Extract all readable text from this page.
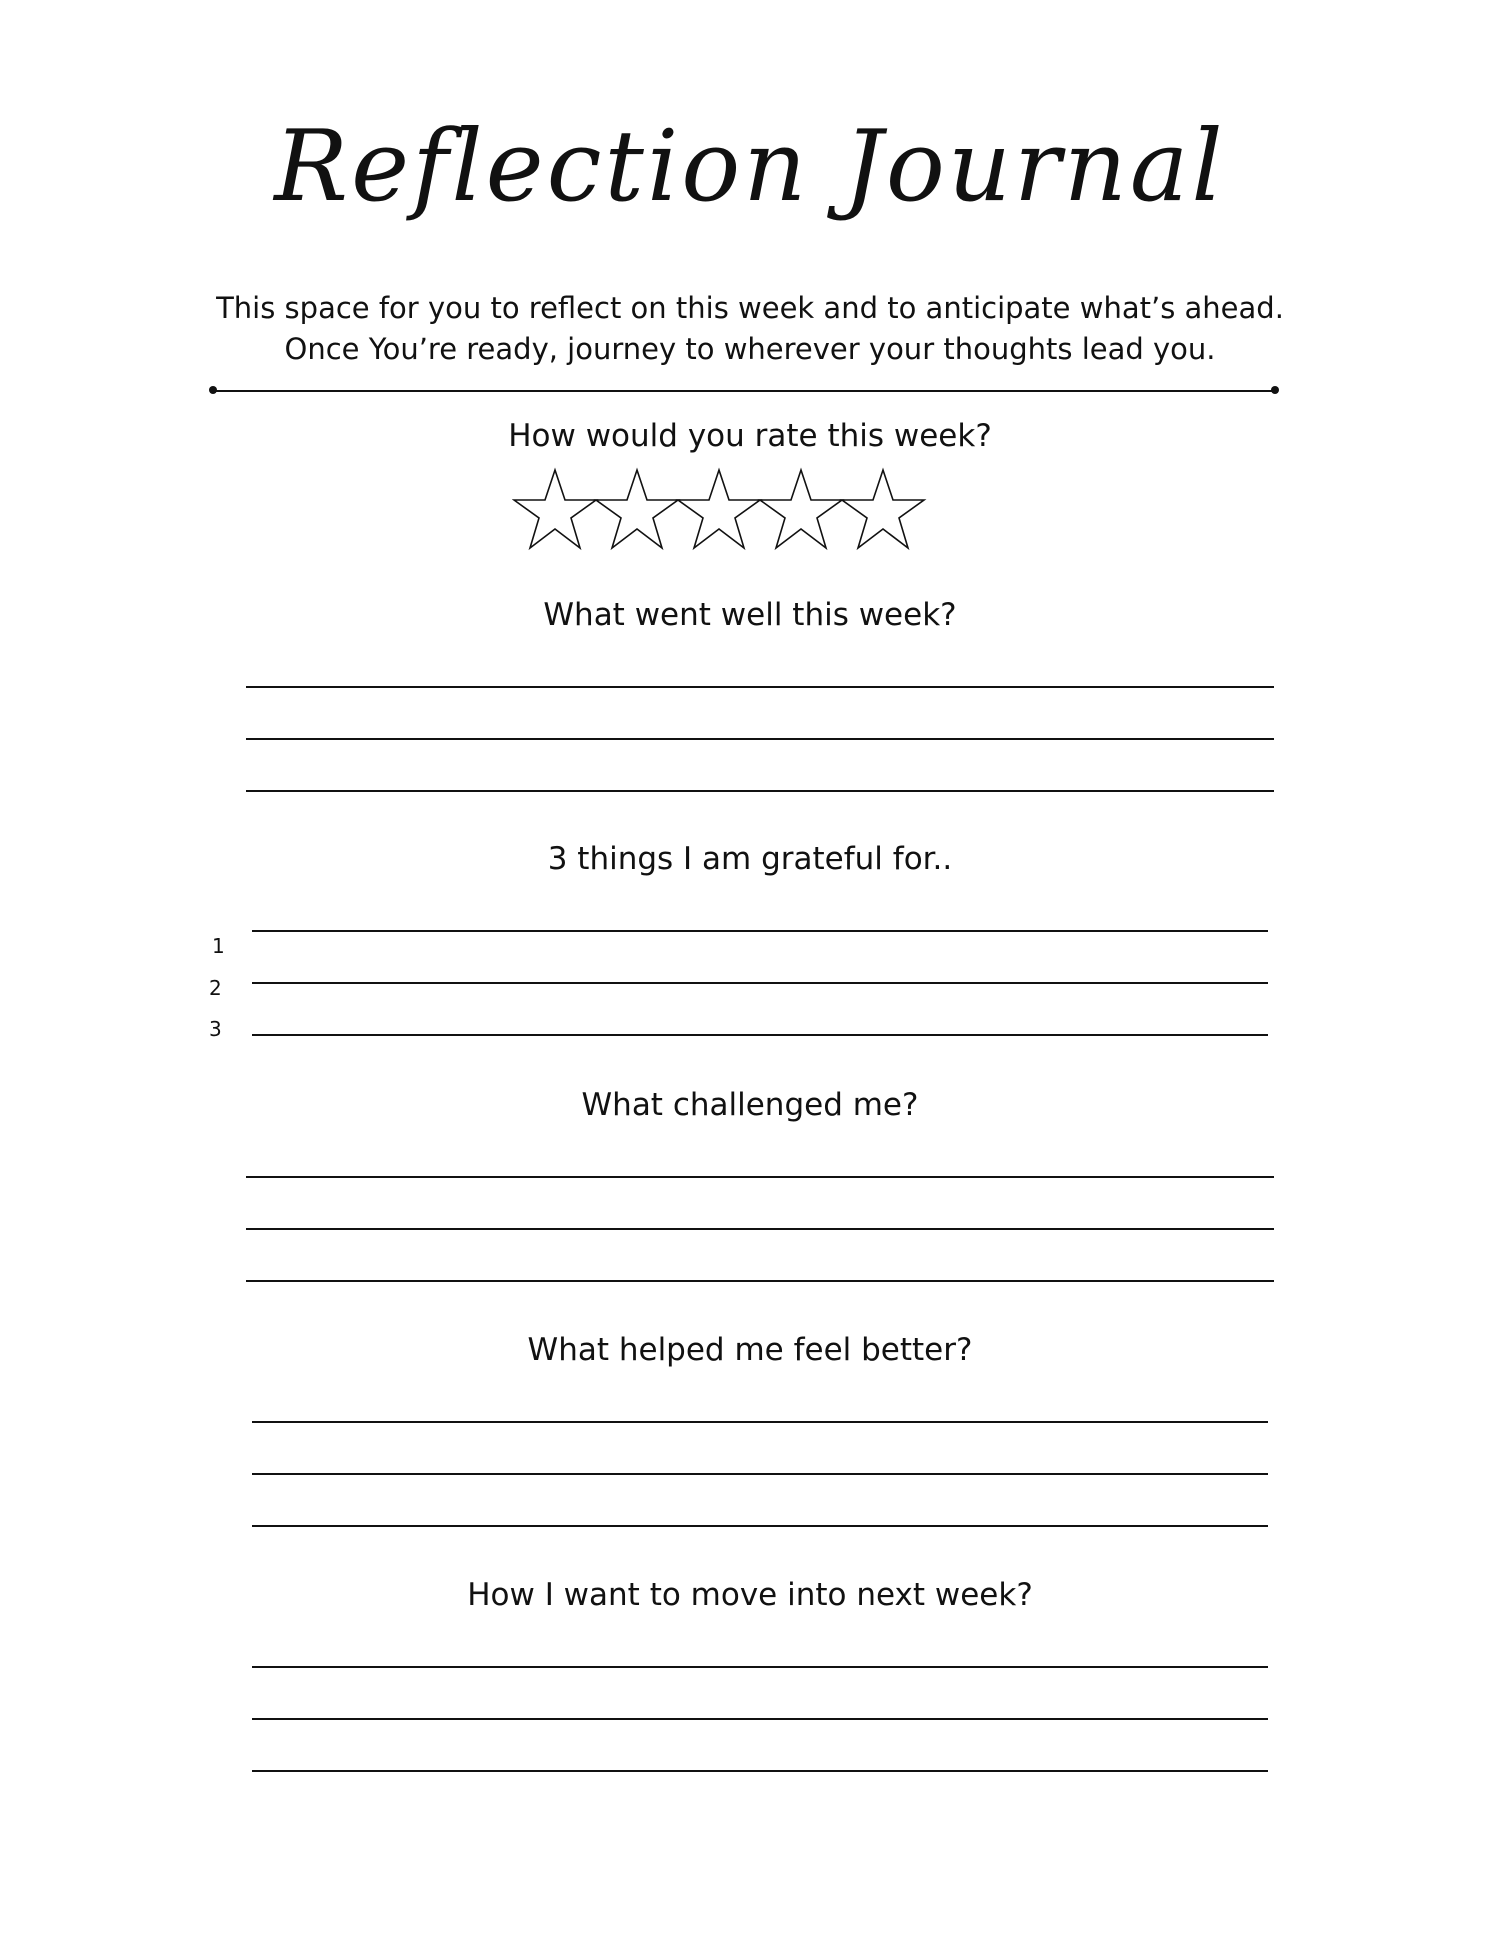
Reflection Journal
This space for you to reflect on this week and to anticipate what’s ahead.
Once You’re ready, journey to wherever your thoughts lead you.
How would you rate this week?
What went well this week?
3 things I am grateful for..
1
2
3
What challenged me?
What helped me feel better?
How I want to move into next week?
